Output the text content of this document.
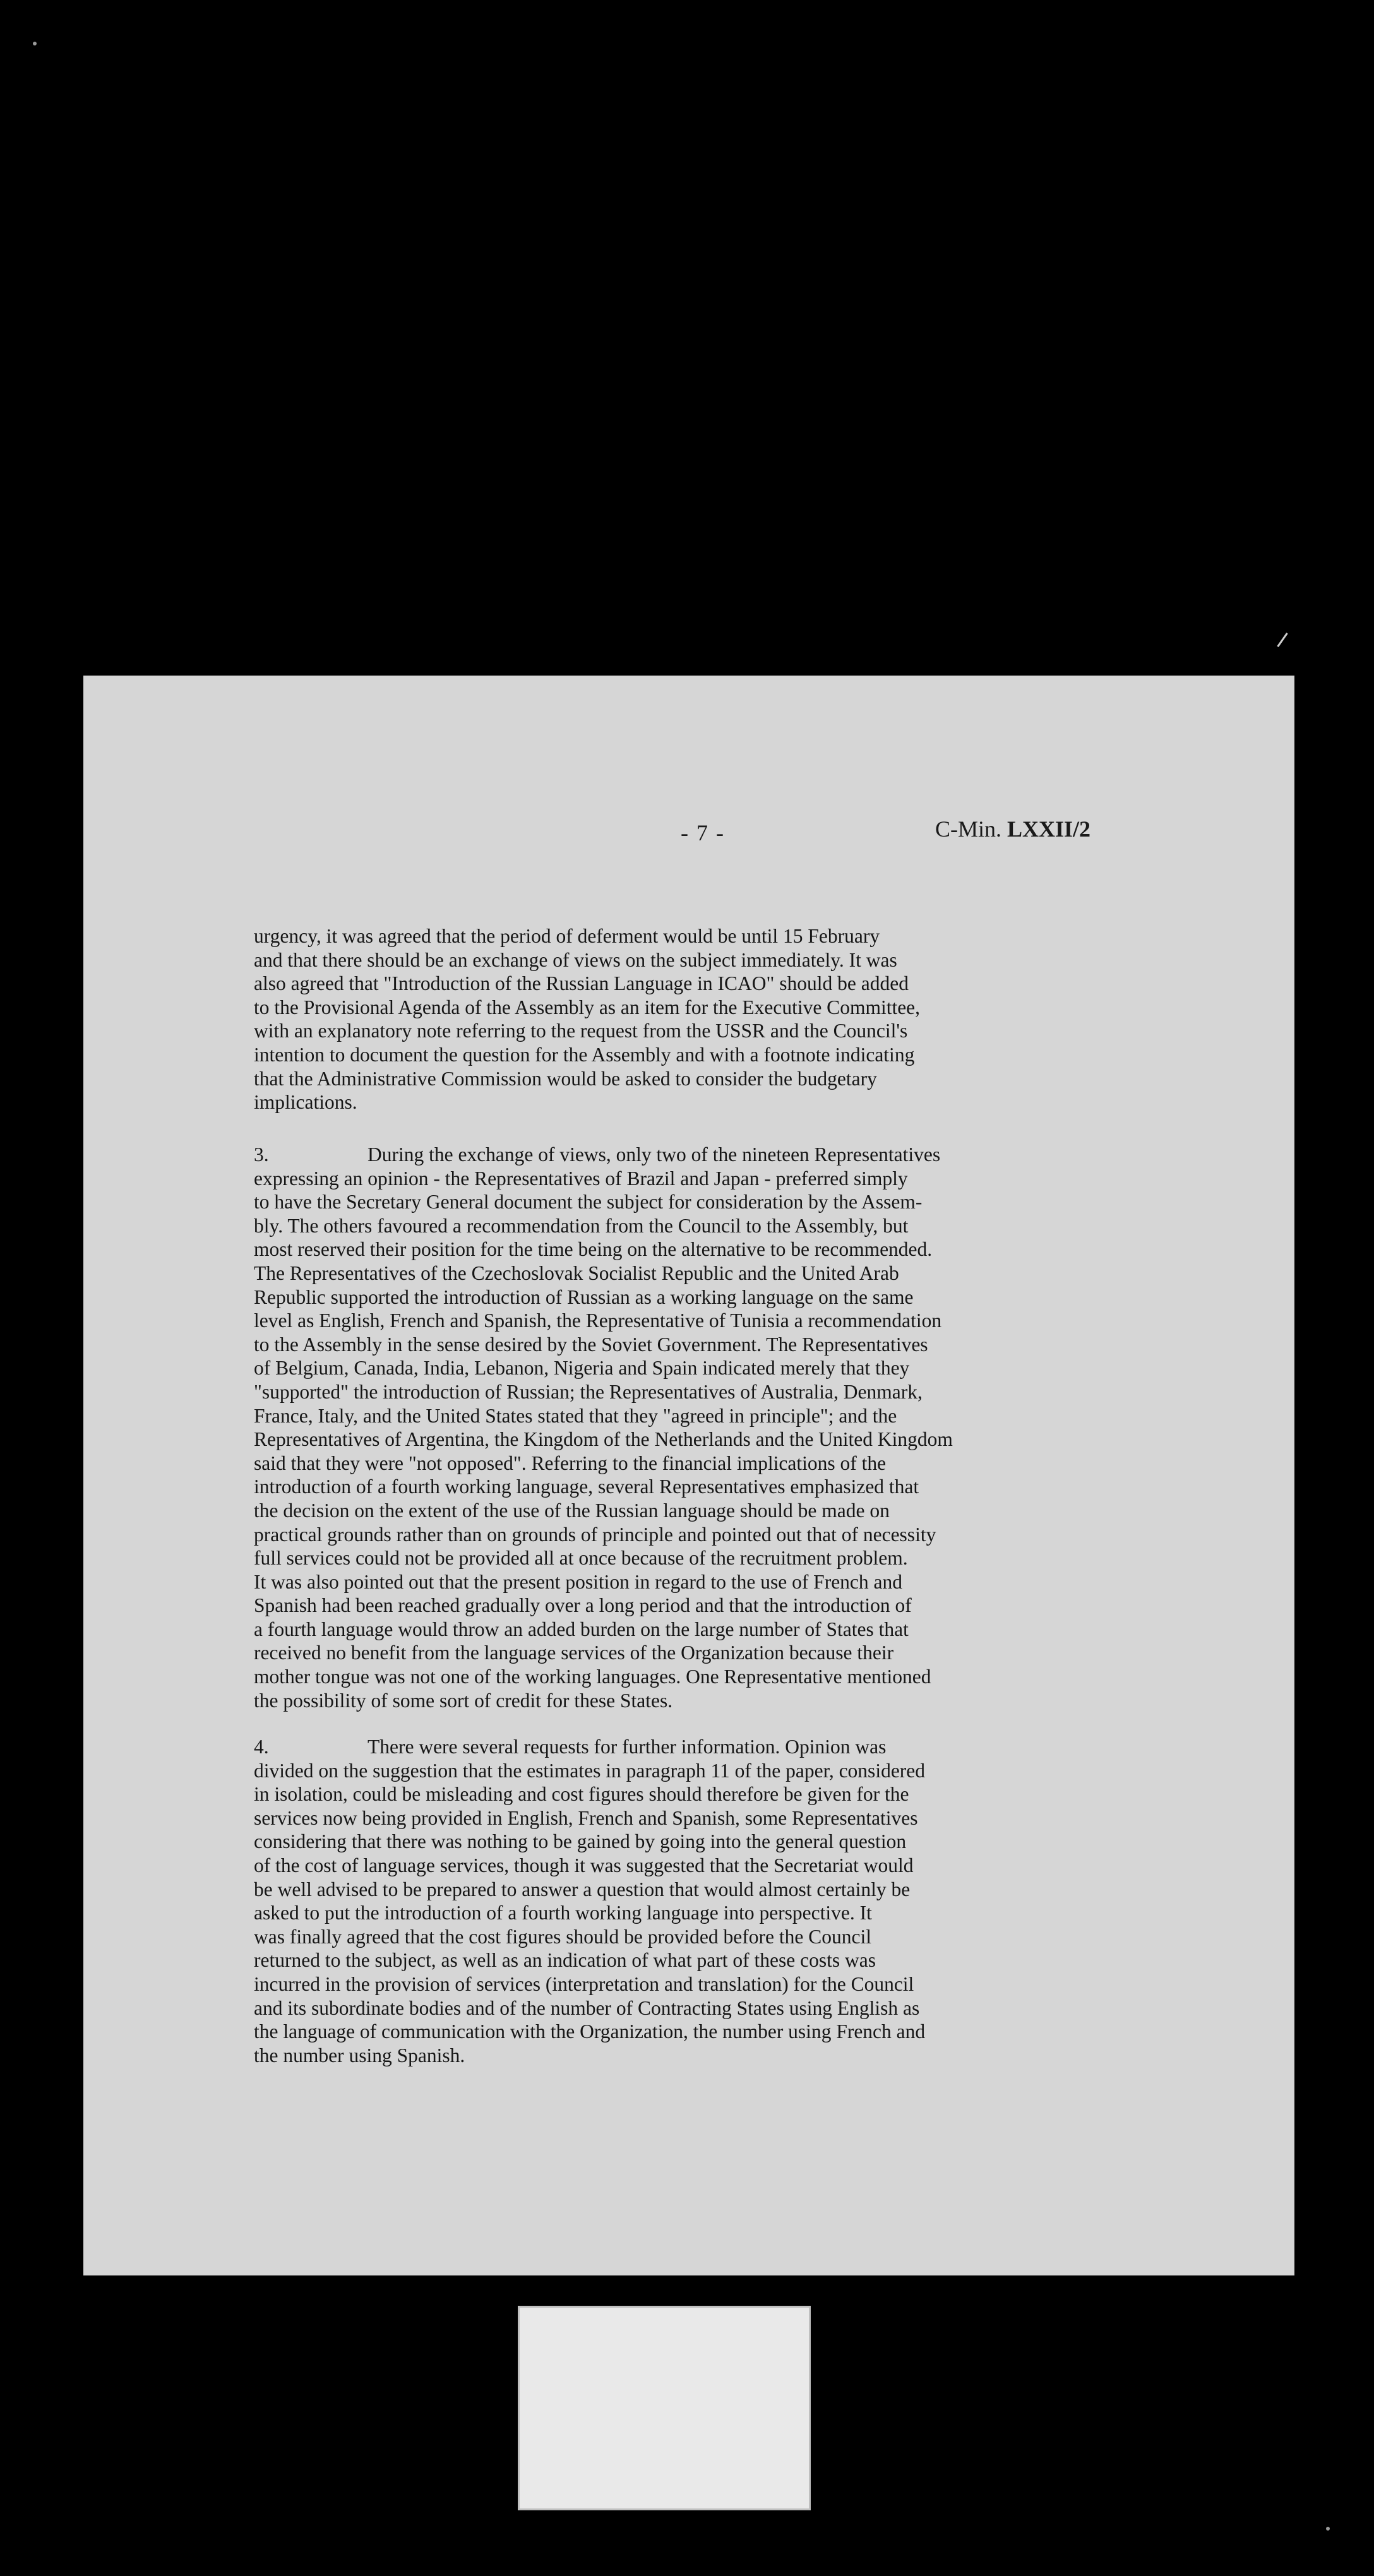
- 7 -	C-Min. LXXII/2
urgency, it was agreed that the period of deferment would be until 15 February
and that there should be an exchange of views on the subject immediately. It was
also agreed that "Introduction of the Russian Language in ICAO" should be added
to the Provisional Agenda of the Assembly as an item for the Executive Committee,
with an explanatory note referring to the request from the USSR and the Council's
intention to document the question for the Assembly and with a footnote indicating
that the Administrative Commission would be asked to consider the budgetary
implications.
3.	During the exchange of views, only two of the nineteen Representatives
expressing an opinion - the Representatives of Brazil and Japan - preferred simply
to have the Secretary General document the subject for consideration by the Assem-
bly. The others favoured a recommendation from the Council to the Assembly, but
most reserved their position for the time being on the alternative to be recommended.
The Representatives of the Czechoslovak Socialist Republic and the United Arab
Republic supported the introduction of Russian as a working language on the same
level as English, French and Spanish, the Representative of Tunisia a recommendation
to the Assembly in the sense desired by the Soviet Government. The Representatives
of Belgium, Canada, India, Lebanon, Nigeria and Spain indicated merely that they
"supported" the introduction of Russian; the Representatives of Australia, Denmark,
France, Italy, and the United States stated that they "agreed in principle"; and the
Representatives of Argentina, the Kingdom of the Netherlands and the United Kingdom
said that they were "not opposed". Referring to the financial implications of the
introduction of a fourth working language, several Representatives emphasized that
the decision on the extent of the use of the Russian language should be made on
practical grounds rather than on grounds of principle and pointed out that of necessity
full services could not be provided all at once because of the recruitment problem.
It was also pointed out that the present position in regard to the use of French and
Spanish had been reached gradually over a long period and that the introduction of
a fourth language would throw an added burden on the large number of States that
received no benefit from the language services of the Organization because their
mother tongue was not one of the working languages. One Representative mentioned
the possibility of some sort of credit for these States.
4.	There were several requests for further information. Opinion was
divided on the suggestion that the estimates in paragraph 11 of the paper, considered
in isolation, could be misleading and cost figures should therefore be given for the
services now being provided in English, French and Spanish, some Representatives
considering that there was nothing to be gained by going into the general question
of the cost of language services, though it was suggested that the Secretariat would
be well advised to be prepared to answer a question that would almost certainly be
asked to put the introduction of a fourth working language into perspective. It
was finally agreed that the cost figures should be provided before the Council
returned to the subject, as well as an indication of what part of these costs was
incurred in the provision of services (interpretation and translation) for the Council
and its subordinate bodies and of the number of Contracting States using English as
the language of communication with the Organization, the number using French and
the number using Spanish.
